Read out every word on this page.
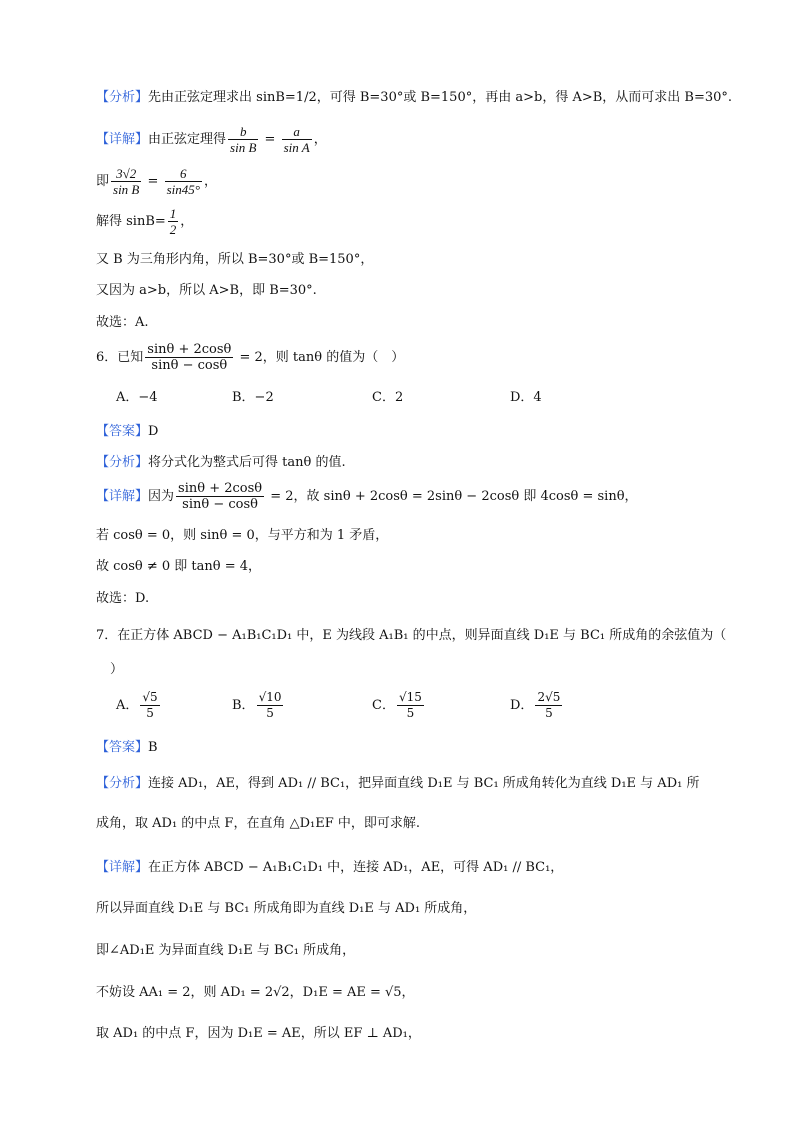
【分析】先由正弦定理求出 sinB=1/2，可得 B=30°或 B=150°，再由 a>b，得 A>B，从而可求出 B=30°.
【详解】由正弦定理得 $\frac{b}{\text{sin B}} = \frac{a}{\text{sin A}}$ ，
即 $\frac{3√2}{\text{sin B}} = \frac{6}{\sin 45^\circ}$ ，
解得 $\sin B= \frac{1}{2}$ ，
又 B 为三角形内角，所以 B=30°或 B=150°，
又因为 a>b，所以 A>B，即 B=30°.
故选：A.
6．已知 $\frac{\sin\theta + 2\cos\theta}{\sin\theta - \cos\theta} = 2$，则 tanθ 的值为（　）
A．−4	B．−2	C．2	D．4
【答案】D
【分析】将分式化为整式后可得 tanθ 的值.
【详解】因为 $\frac{\sin\theta + 2\cos\theta}{\sin\theta - \cos\theta} = 2$，故 sinθ + 2cosθ = 2sinθ − 2cosθ 即 4cosθ = sinθ，
若 cosθ = 0，则 sinθ = 0，与平方和为 1 矛盾，
故 cosθ ≠ 0 即 tanθ = 4，
故选：D.
7．在正方体 ABCD − A₁B₁C₁D₁ 中，E 为线段 A₁B₁ 的中点，则异面直线 D₁E 与 BC₁ 所成角的余弦值为（
）
A． $\frac{√5}{5}$	B． $\frac{√10}{5}$	C． $\frac{√15}{5}$	D． $\frac{2√5}{5}$
【答案】B
【分析】连接 AD₁，AE，得到 AD₁ // BC₁，把异面直线 D₁E 与 BC₁ 所成角转化为直线 D₁E 与 AD₁ 所
成角，取 AD₁ 的中点 F，在直角 △D₁EF 中，即可求解.
【详解】在正方体 ABCD − A₁B₁C₁D₁ 中，连接 AD₁，AE，可得 AD₁ // BC₁，
所以异面直线 D₁E 与 BC₁ 所成角即为直线 D₁E 与 AD₁ 所成角，
即∠AD₁E 为异面直线 D₁E 与 BC₁ 所成角，
不妨设 AA₁ = 2，则 AD₁ = 2√2，D₁E = AE = √5，
取 AD₁ 的中点 F，因为 D₁E = AE，所以 EF ⊥ AD₁，
